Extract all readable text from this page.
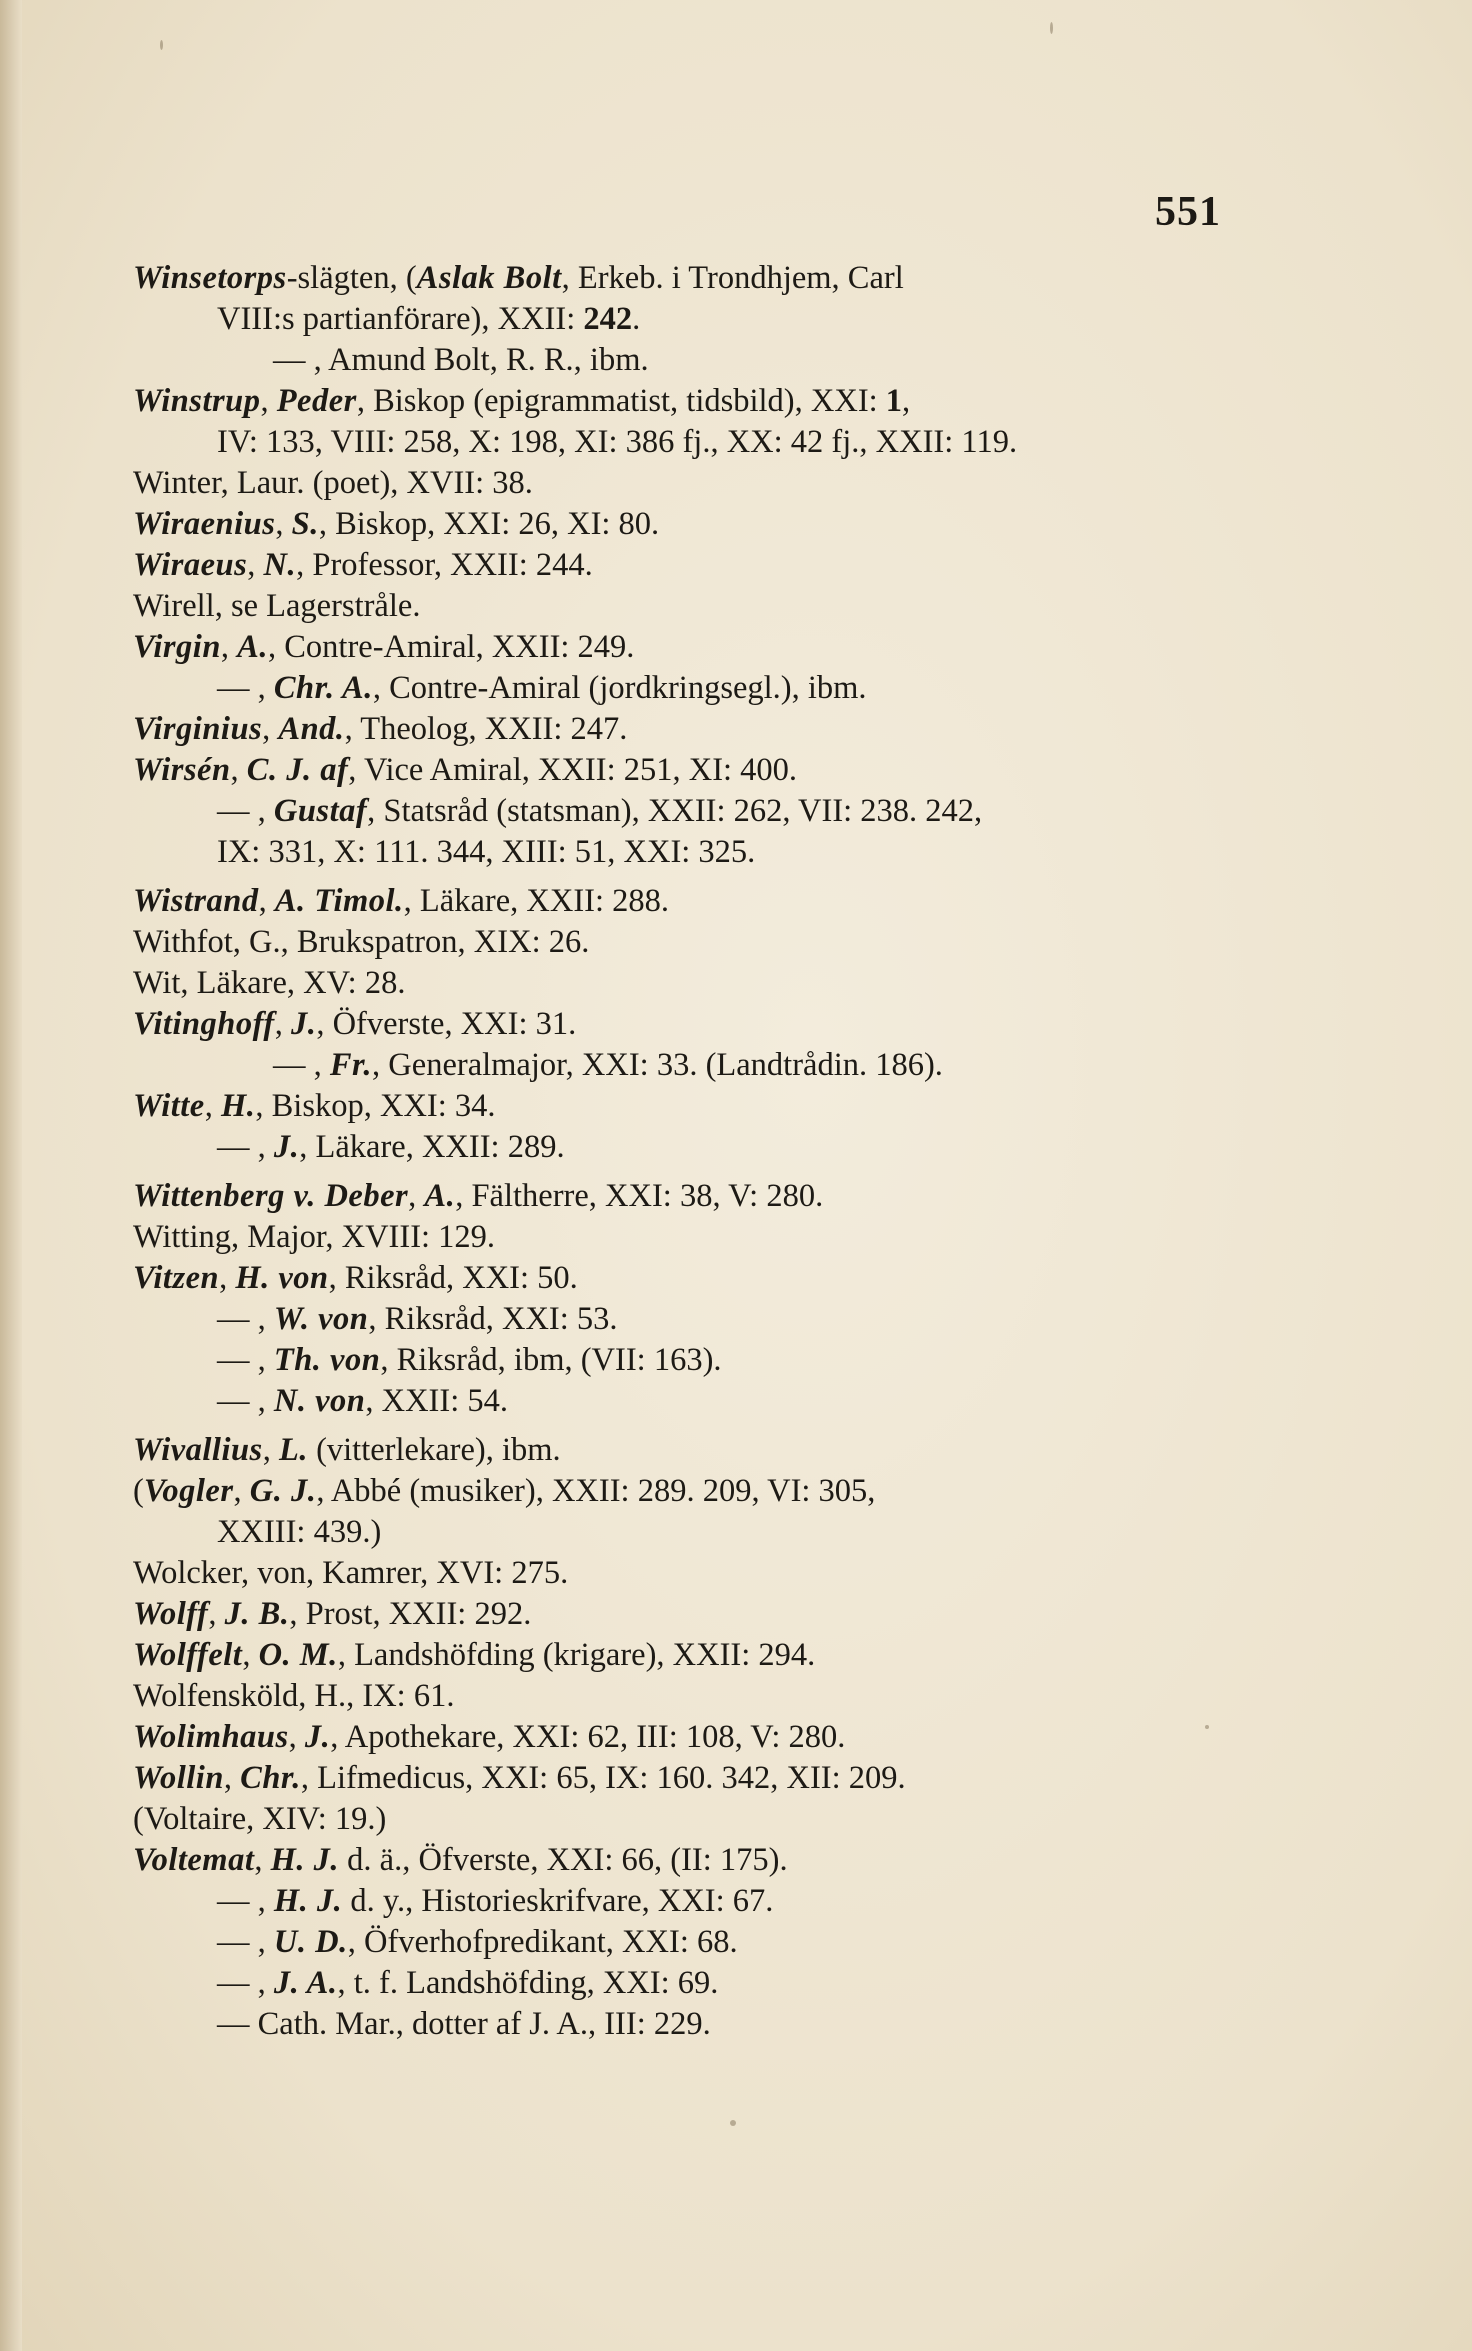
551
Winsetorps-slägten, (Aslak Bolt, Erkeb. i Trondhjem, Carl
VIII:s partianförare), XXII: 242.
— , Amund Bolt, R. R., ibm.
Winstrup, Peder, Biskop (epigrammatist, tidsbild), XXI: 1,
IV: 133, VIII: 258, X: 198, XI: 386 fj., XX: 42 fj., XXII: 119.
Winter, Laur. (poet), XVII: 38.
Wiraenius, S., Biskop, XXI: 26, XI: 80.
Wiraeus, N., Professor, XXII: 244.
Wirell, se Lagerstråle.
Virgin, A., Contre-Amiral, XXII: 249.
— , Chr. A., Contre-Amiral (jordkringsegl.), ibm.
Virginius, And., Theolog, XXII: 247.
Wirsén, C. J. af, Vice Amiral, XXII: 251, XI: 400.
— , Gustaf, Statsråd (statsman), XXII: 262, VII: 238. 242,
IX: 331, X: 111. 344, XIII: 51, XXI: 325.
Wistrand, A. Timol., Läkare, XXII: 288.
Withfot, G., Brukspatron, XIX: 26.
Wit, Läkare, XV: 28.
Vitinghoff, J., Öfverste, XXI: 31.
— , Fr., Generalmajor, XXI: 33. (Landtrådin. 186).
Witte, H., Biskop, XXI: 34.
— , J., Läkare, XXII: 289.
Wittenberg v. Deber, A., Fältherre, XXI: 38, V: 280.
Witting, Major, XVIII: 129.
Vitzen, H. von, Riksråd, XXI: 50.
— , W. von, Riksråd, XXI: 53.
— , Th. von, Riksråd, ibm, (VII: 163).
— , N. von, XXII: 54.
Wivallius, L. (vitterlekare), ibm.
(Vogler, G. J., Abbé (musiker), XXII: 289. 209, VI: 305,
XXIII: 439.)
Wolcker, von, Kamrer, XVI: 275.
Wolff, J. B., Prost, XXII: 292.
Wolffelt, O. M., Landshöfding (krigare), XXII: 294.
Wolfensköld, H., IX: 61.
Wolimhaus, J., Apothekare, XXI: 62, III: 108, V: 280.
Wollin, Chr., Lifmedicus, XXI: 65, IX: 160. 342, XII: 209.
(Voltaire, XIV: 19.)
Voltemat, H. J. d. ä., Öfverste, XXI: 66, (II: 175).
— , H. J. d. y., Historieskrifvare, XXI: 67.
— , U. D., Öfverhofpredikant, XXI: 68.
— , J. A., t. f. Landshöfding, XXI: 69.
— Cath. Mar., dotter af J. A., III: 229.
